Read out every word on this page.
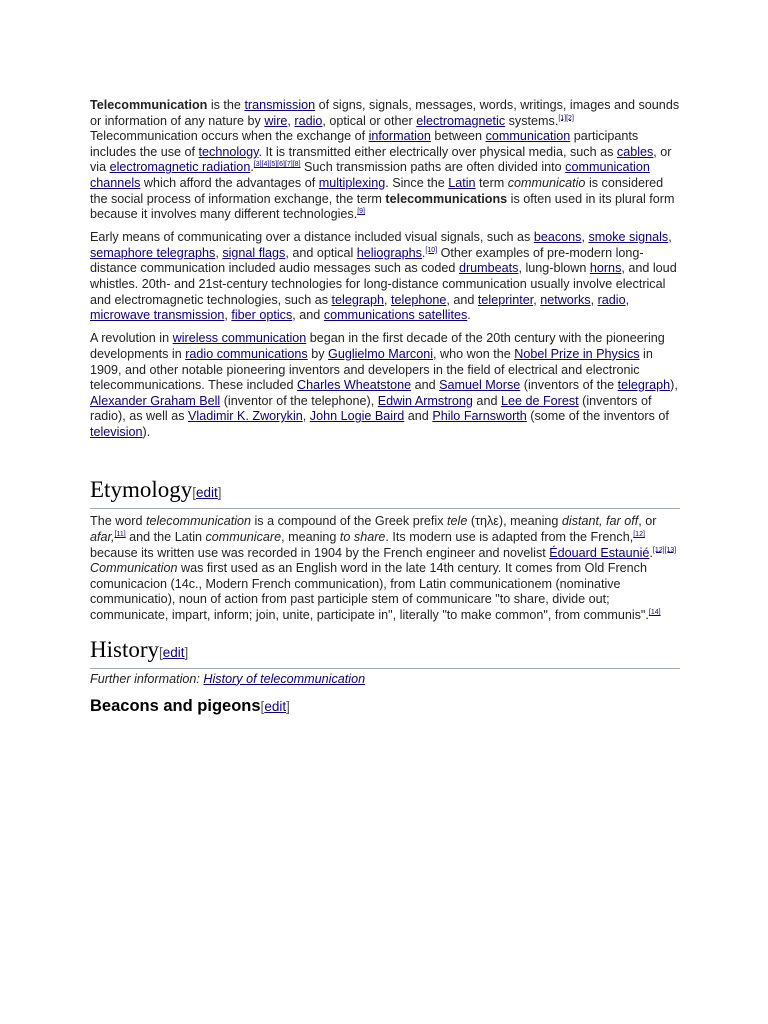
Telecommunication is the transmission of signs, signals, messages, words, writings, images and sounds or information of any nature by wire, radio, optical or other electromagnetic systems.[1][2] Telecommunication occurs when the exchange of information between communication participants includes the use of technology. It is transmitted either electrically over physical media, such as cables, or via electromagnetic radiation.[3][4][5][6][7][8] Such transmission paths are often divided into communication channels which afford the advantages of multiplexing. Since the Latin term communicatio is considered the social process of information exchange, the term telecommunications is often used in its plural form because it involves many different technologies.[9]

Early means of communicating over a distance included visual signals, such as beacons, smoke signals, semaphore telegraphs, signal flags, and optical heliographs.[10] Other examples of pre-modern long-distance communication included audio messages such as coded drumbeats, lung-blown horns, and loud whistles. 20th- and 21st-century technologies for long-distance communication usually involve electrical and electromagnetic technologies, such as telegraph, telephone, and teleprinter, networks, radio, microwave transmission, fiber optics, and communications satellites.

A revolution in wireless communication began in the first decade of the 20th century with the pioneering developments in radio communications by Guglielmo Marconi, who won the Nobel Prize in Physics in 1909, and other notable pioneering inventors and developers in the field of electrical and electronic telecommunications. These included Charles Wheatstone and Samuel Morse (inventors of the telegraph), Alexander Graham Bell (inventor of the telephone), Edwin Armstrong and Lee de Forest (inventors of radio), as well as Vladimir K. Zworykin, John Logie Baird and Philo Farnsworth (some of the inventors of television).

Etymology[edit]

The word telecommunication is a compound of the Greek prefix tele (τηλε), meaning distant, far off, or afar,[11] and the Latin communicare, meaning to share. Its modern use is adapted from the French,[12] because its written use was recorded in 1904 by the French engineer and novelist Édouard Estaunié.[12][13] Communication was first used as an English word in the late 14th century. It comes from Old French comunicacion (14c., Modern French communication), from Latin communicationem (nominative communicatio), noun of action from past participle stem of communicare "to share, divide out; communicate, impart, inform; join, unite, participate in", literally "to make common", from communis".[14]

History[edit]
Further information: History of telecommunication
Beacons and pigeons[edit]
